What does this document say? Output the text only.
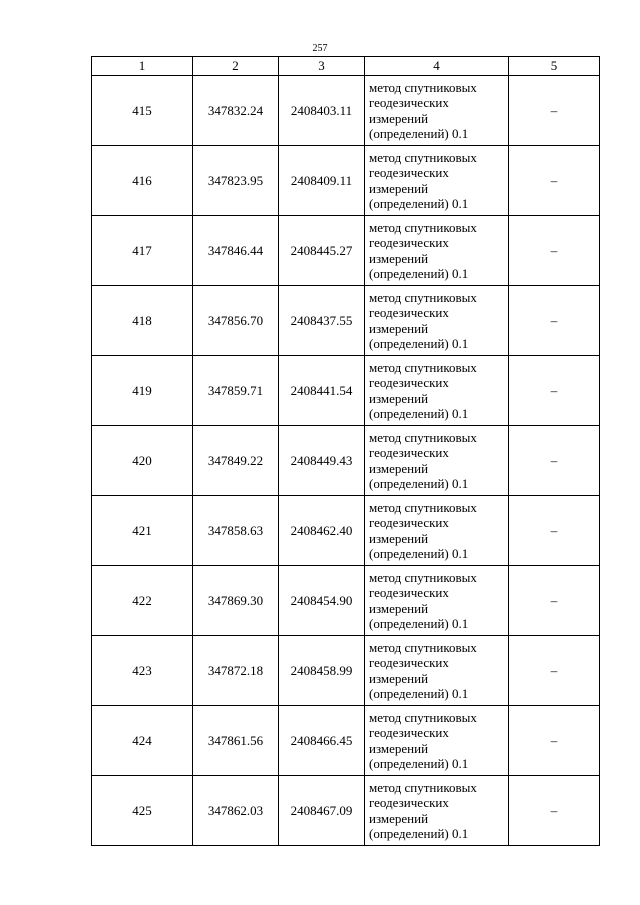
257
1	2	3	4	5
415	347832.24	2408403.11	метод спутниковых геодезических измерений (определений) 0.1	–
416	347823.95	2408409.11	метод спутниковых геодезических измерений (определений) 0.1	–
417	347846.44	2408445.27	метод спутниковых геодезических измерений (определений) 0.1	–
418	347856.70	2408437.55	метод спутниковых геодезических измерений (определений) 0.1	–
419	347859.71	2408441.54	метод спутниковых геодезических измерений (определений) 0.1	–
420	347849.22	2408449.43	метод спутниковых геодезических измерений (определений) 0.1	–
421	347858.63	2408462.40	метод спутниковых геодезических измерений (определений) 0.1	–
422	347869.30	2408454.90	метод спутниковых геодезических измерений (определений) 0.1	–
423	347872.18	2408458.99	метод спутниковых геодезических измерений (определений) 0.1	–
424	347861.56	2408466.45	метод спутниковых геодезических измерений (определений) 0.1	–
425	347862.03	2408467.09	метод спутниковых геодезических измерений (определений) 0.1	–
